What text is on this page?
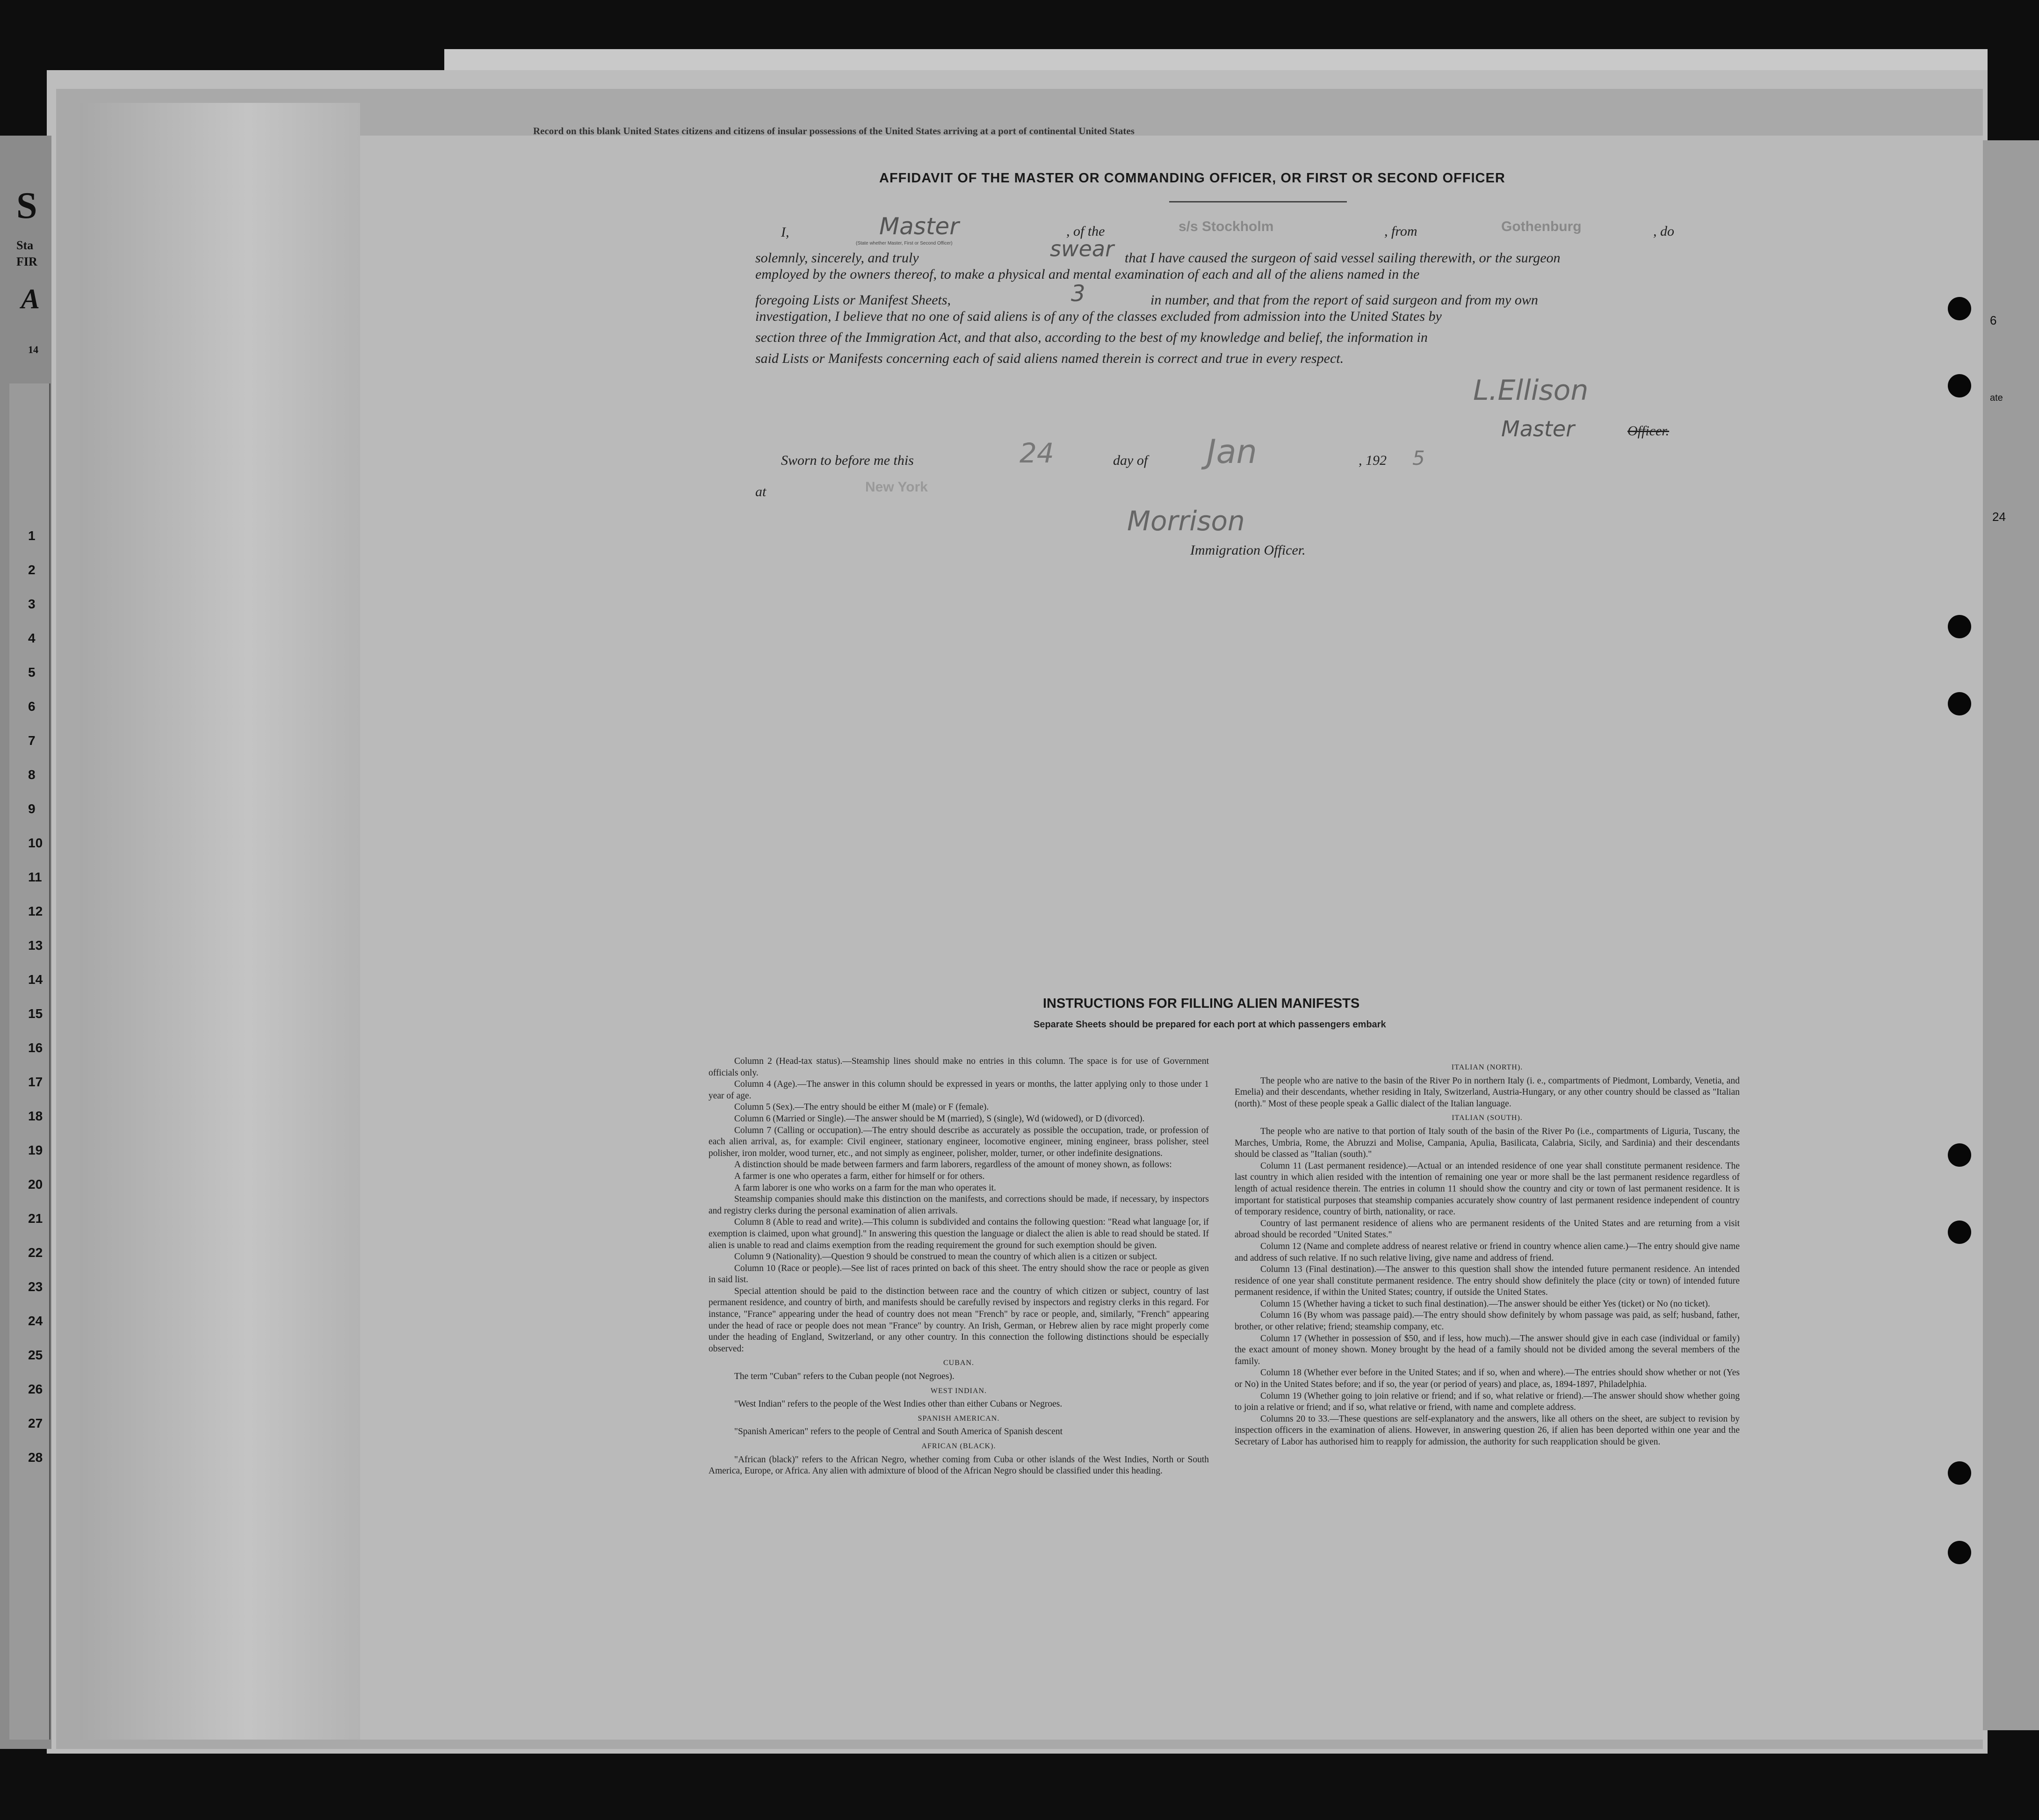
S
Sta
FIR
A
14
1
2
3
4
5
6
7
8
9
10
11
12
13
14
15
16
17
18
19
20
21
22
23
24
25
26
27
28
6
ate
24
Record on this blank United States citizens and citizens of insular possessions of the United States arriving at a port of continental United States
AFFIDAVIT OF THE MASTER OR COMMANDING OFFICER, OR FIRST OR SECOND OFFICER
I,	Master
(State whether Master, First or Second Officer)
, of the	s/s Stockholm	, from	Gothenburg	, do
solemnly, sincerely, and truly	swear that I have caused the surgeon of said vessel sailing therewith, or the surgeon
employed by the owners thereof, to make a physical and mental examination of each and all of the aliens named in the
foregoing Lists or Manifest Sheets,	3	in number, and that from the report of said surgeon and from my own
investigation, I believe that no one of said aliens is of any of the classes excluded from admission into the United States by
section three of the Immigration Act, and that also, according to the best of my knowledge and belief, the information in
said Lists or Manifests concerning each of said aliens named therein is correct and true in every respect.
L.Ellison
Master	Officer.
Sworn to before me this	24	day of Jan	, 192 5
at	New York
Morrison
Immigration Officer.
INSTRUCTIONS FOR FILLING ALIEN MANIFESTS
Separate Sheets should be prepared for each port at which passengers embark

Column 2 (Head-tax status).—Steamship lines should make no entries in this column. The space is for use of Government officials only.

Column 4 (Age).—The answer in this column should be expressed in years or months, the latter applying only to those under 1 year of age.

Column 5 (Sex).—The entry should be either M (male) or F (female).

Column 6 (Married or Single).—The answer should be M (married), S (single), Wd (widowed), or D (divorced).

Column 7 (Calling or occupation).—The entry should describe as accurately as possible the occupation, trade, or profession of each alien arrival, as, for example: Civil engineer, stationary engineer, locomotive engineer, mining engineer, brass polisher, steel polisher, iron molder, wood turner, etc., and not simply as engineer, polisher, molder, turner, or other indefinite designations.

A distinction should be made between farmers and farm laborers, regardless of the amount of money shown, as follows:

A farmer is one who operates a farm, either for himself or for others.

A farm laborer is one who works on a farm for the man who operates it.

Steamship companies should make this distinction on the manifests, and corrections should be made, if necessary, by inspectors and registry clerks during the personal examination of alien arrivals.

Column 8 (Able to read and write).—This column is subdivided and contains the following question: "Read what language [or, if exemption is claimed, upon what ground]." In answering this question the language or dialect the alien is able to read should be stated. If alien is unable to read and claims exemption from the reading requirement the ground for such exemption should be given.

Column 9 (Nationality).—Question 9 should be construed to mean the country of which alien is a citizen or subject.

Column 10 (Race or people).—See list of races printed on back of this sheet. The entry should show the race or people as given in said list.

Special attention should be paid to the distinction between race and the country of which citizen or subject, country of last permanent residence, and country of birth, and manifests should be carefully revised by inspectors and registry clerks in this regard. For instance, "France" appearing under the head of country does not mean "French" by race or people, and, similarly, "French" appearing under the head of race or people does not mean "France" by country. An Irish, German, or Hebrew alien by race might properly come under the heading of England, Switzerland, or any other country. In this connection the following distinctions should be especially observed:

CUBAN.

The term "Cuban" refers to the Cuban people (not Negroes).

WEST INDIAN.

"West Indian" refers to the people of the West Indies other than either Cubans or Negroes.

SPANISH AMERICAN.

"Spanish American" refers to the people of Central and South America of Spanish descent

AFRICAN (BLACK).

"African (black)" refers to the African Negro, whether coming from Cuba or other islands of the West Indies, North or South America, Europe, or Africa. Any alien with admixture of blood of the African Negro should be classified under this heading.

ITALIAN (NORTH).

The people who are native to the basin of the River Po in northern Italy (i. e., compartments of Piedmont, Lombardy, Venetia, and Emelia) and their descendants, whether residing in Italy, Switzerland, Austria-Hungary, or any other country should be classed as "Italian (north)." Most of these people speak a Gallic dialect of the Italian language.

ITALIAN (SOUTH).

The people who are native to that portion of Italy south of the basin of the River Po (i.e., compartments of Liguria, Tuscany, the Marches, Umbria, Rome, the Abruzzi and Molise, Campania, Apulia, Basilicata, Calabria, Sicily, and Sardinia) and their descendants should be classed as "Italian (south)."

Column 11 (Last permanent residence).—Actual or an intended residence of one year shall constitute permanent residence. The last country in which alien resided with the intention of remaining one year or more shall be the last permanent residence regardless of length of actual residence therein. The entries in column 11 should show the country and city or town of last permanent residence. It is important for statistical purposes that steamship companies accurately show country of last permanent residence independent of country of temporary residence, country of birth, nationality, or race.

Country of last permanent residence of aliens who are permanent residents of the United States and are returning from a visit abroad should be recorded "United States."

Column 12 (Name and complete address of nearest relative or friend in country whence alien came.)—The entry should give name and address of such relative. If no such relative living, give name and address of friend.

Column 13 (Final destination).—The answer to this question shall show the intended future permanent residence. An intended residence of one year shall constitute permanent residence. The entry should show definitely the place (city or town) of intended future permanent residence, if within the United States; country, if outside the United States.

Column 15 (Whether having a ticket to such final destination).—The answer should be either Yes (ticket) or No (no ticket).

Column 16 (By whom was passage paid).—The entry should show definitely by whom passage was paid, as self; husband, father, brother, or other relative; friend; steamship company, etc.

Column 17 (Whether in possession of $50, and if less, how much).—The answer should give in each case (individual or family) the exact amount of money shown. Money brought by the head of a family should not be divided among the several members of the family.

Column 18 (Whether ever before in the United States; and if so, when and where).—The entries should show whether or not (Yes or No) in the United States before; and if so, the year (or period of years) and place, as, 1894-1897, Philadelphia.

Column 19 (Whether going to join relative or friend; and if so, what relative or friend).—The answer should show whether going to join a relative or friend; and if so, what relative or friend, with name and complete address.

Columns 20 to 33.—These questions are self-explanatory and the answers, like all others on the sheet, are subject to revision by inspection officers in the examination of aliens. However, in answering question 26, if alien has been deported within one year and the Secretary of Labor has authorised him to reapply for admission, the authority for such reapplication should be given.
